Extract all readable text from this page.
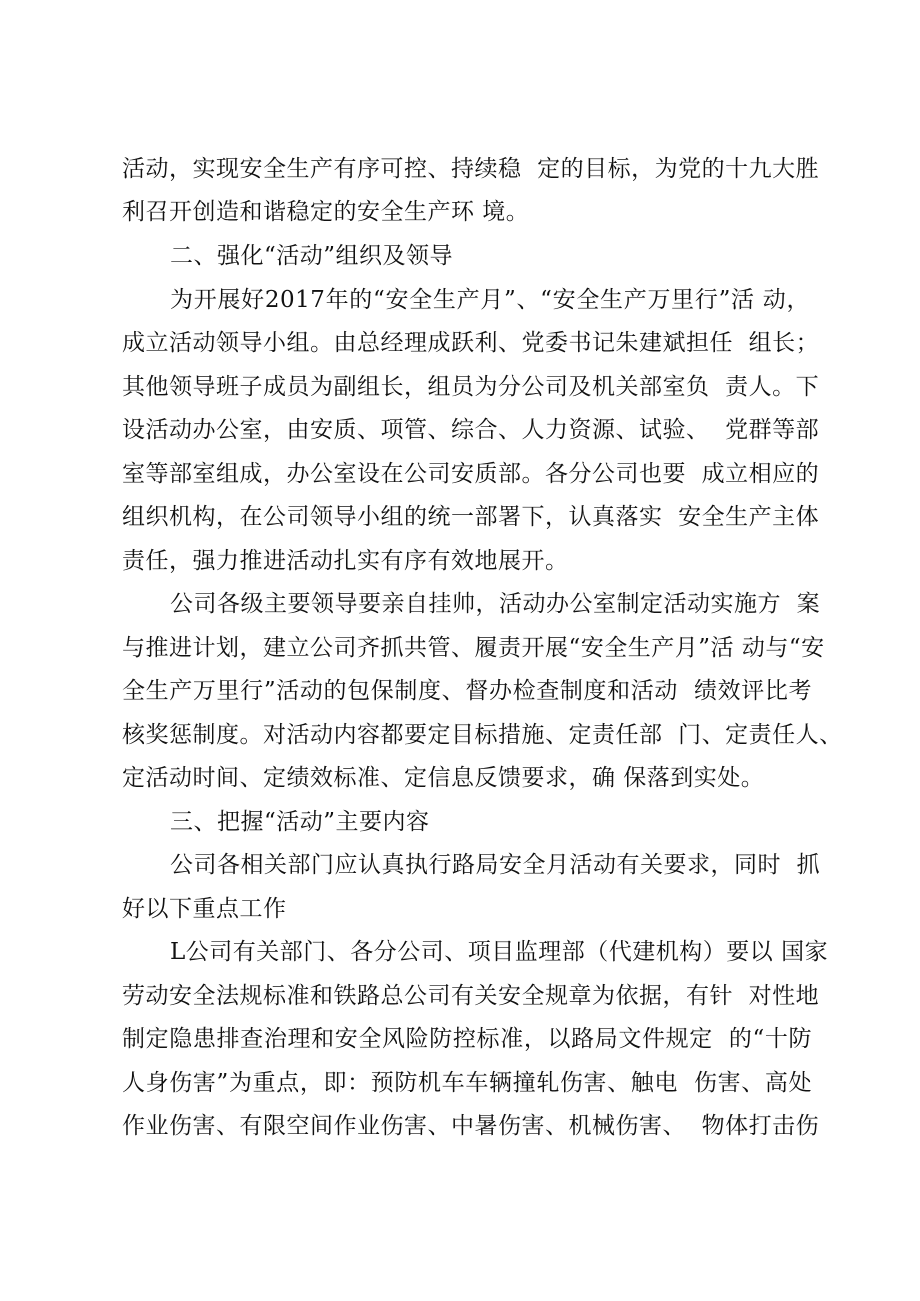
活动，实现安全生产有序可控、持续稳  定的目标，为党的十九大胜
利召开创造和谐稳定的安全生产环 境。
二、强化“活动”组织及领导
为开展好2017年的“安全生产月”、“安全生产万里行”活 动，
成立活动领导小组。由总经理成跃利、党委书记朱建斌担任  组长；
其他领导班子成员为副组长，组员为分公司及机关部室负  责人。下
设活动办公室，由安质、项管、综合、人力资源、试验、  党群等部
室等部室组成，办公室设在公司安质部。各分公司也要  成立相应的
组织机构，在公司领导小组的统一部署下，认真落实  安全生产主体
责任，强力推进活动扎实有序有效地展开。
公司各级主要领导要亲自挂帅，活动办公室制定活动实施方  案
与推进计划，建立公司齐抓共管、履责开展“安全生产月”活 动与“安
全生产万里行”活动的包保制度、督办检查制度和活动  绩效评比考
核奖惩制度。对活动内容都要定目标措施、定责任部  门、定责任人、
定活动时间、定绩效标准、定信息反馈要求，确 保落到实处。
三、把握“活动”主要内容
公司各相关部门应认真执行路局安全月活动有关要求，同时  抓
好以下重点工作
L公司有关部门、各分公司、项目监理部（代建机构）要以 国家
劳动安全法规标准和铁路总公司有关安全规章为依据，有针  对性地
制定隐患排查治理和安全风险防控标准，以路局文件规定  的“十防
人身伤害”为重点，即：预防机车车辆撞轧伤害、触电  伤害、高处
作业伤害、有限空间作业伤害、中暑伤害、机械伤害、  物体打击伤
